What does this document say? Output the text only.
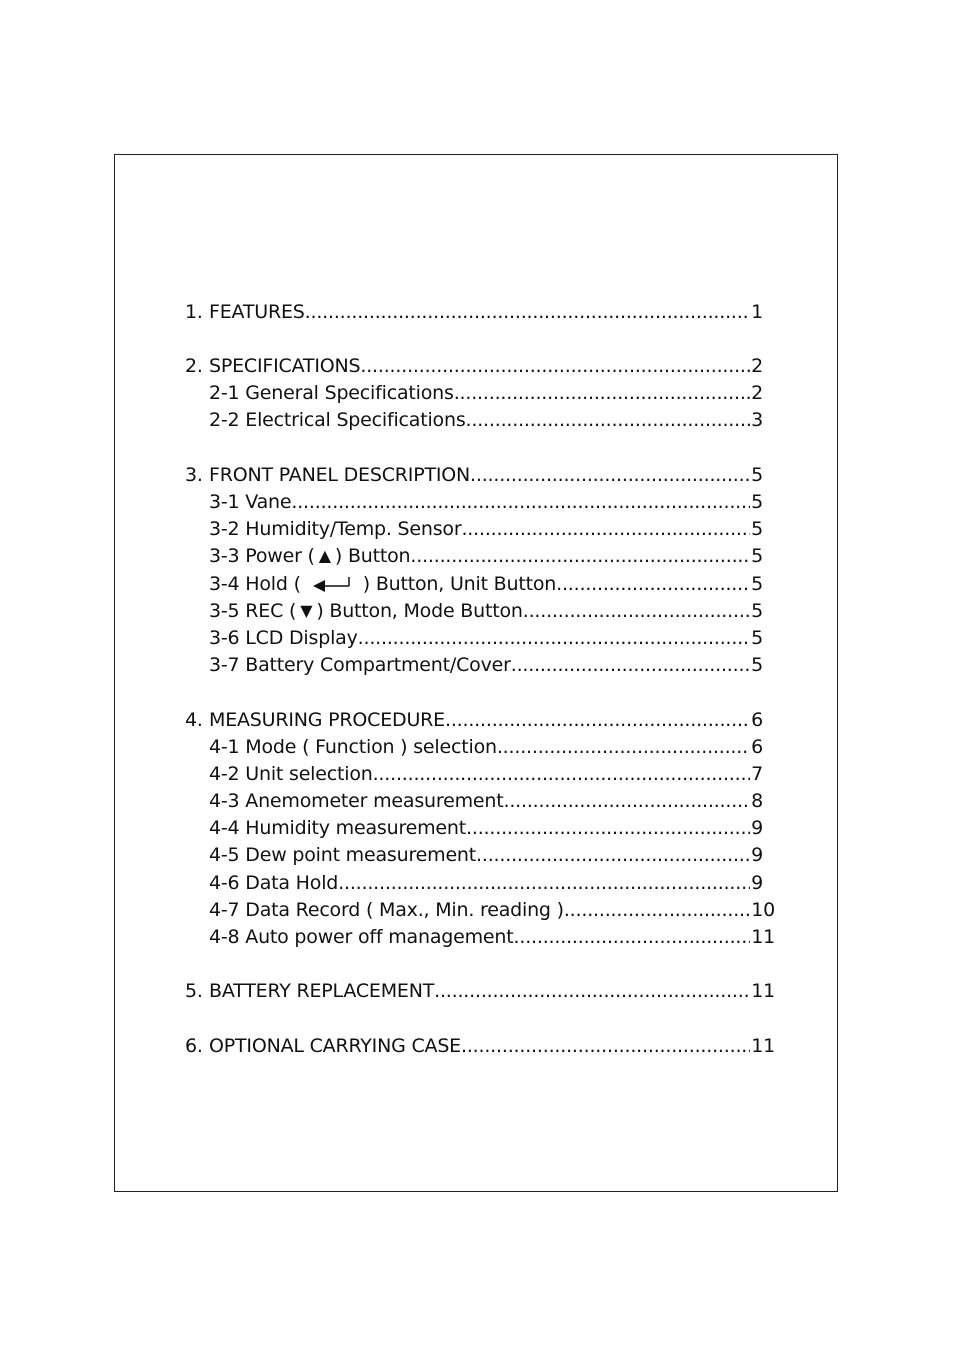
1. FEATURES .....	1
2. SPECIFICATIONS .....	2
2-1 General Specifications .....	2
2-2 Electrical Specifications .....	3
3. FRONT PANEL DESCRIPTION .....	5
3-1 Vane .....	5
3-2 Humidity/Temp. Sensor .....	5
3-3 Power ( ▲ ) Button .....	5
3-4 Hold (	) Button, Unit Button .....	5
3-5 REC ( ▼ ) Button, Mode Button .....	5
3-6 LCD Display .....	5
3-7 Battery Compartment/Cover .....	5
4. MEASURING PROCEDURE .....	6
4-1 Mode ( Function ) selection .....	6
4-2 Unit selection .....	7
4-3 Anemometer measurement .....	8
4-4 Humidity measurement .....	9
4-5 Dew point measurement .....	9
4-6 Data Hold .....	9
4-7 Data Record ( Max., Min. reading ) .....	10
4-8 Auto power off management .....	11
5. BATTERY REPLACEMENT .....	11
6. OPTIONAL CARRYING CASE .....	11
